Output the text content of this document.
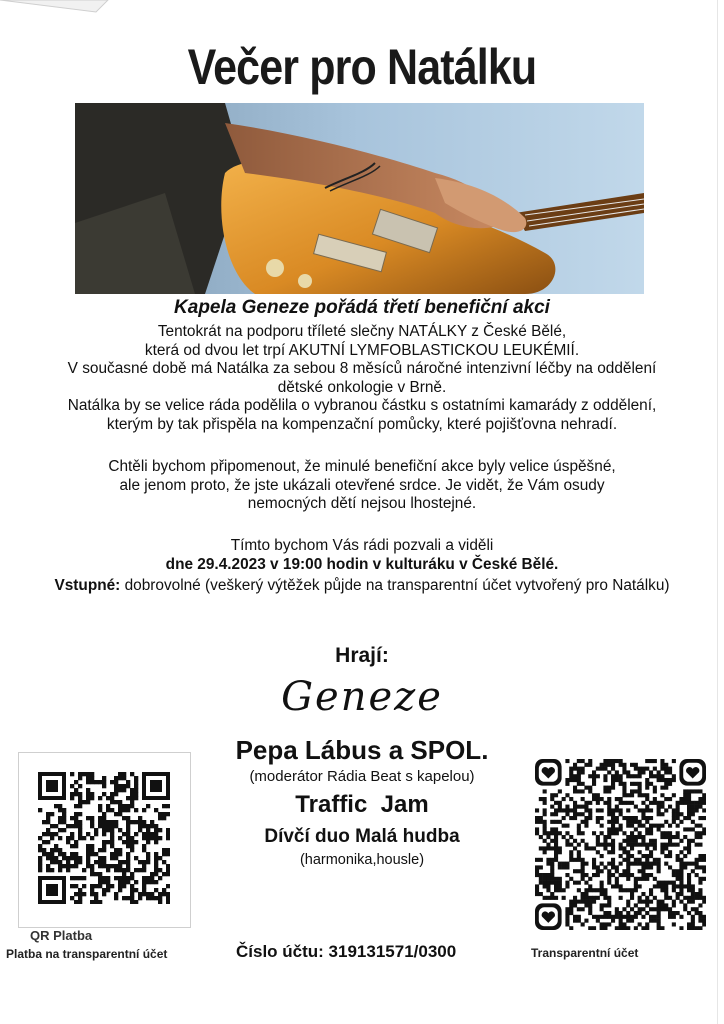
Večer pro Natálku
Kapela Geneze pořádá třetí benefiční akci
Tentokrát na podporu tříleté slečny NATÁLKY z České Bělé,
která od dvou let trpí AKUTNÍ LYMFOBLASTICKOU LEUKÉMIÍ.
V současné době má Natálka za sebou 8 měsíců náročné intenzivní léčby na oddělení
dětské onkologie v Brně.
Natálka by se velice ráda podělila o vybranou částku s ostatními kamarády z oddělení,
kterým by tak přispěla na kompenzační pomůcky, které pojišťovna nehradí.
Chtěli bychom připomenout, že minulé benefiční akce byly velice úspěšné,
ale jenom proto, že jste ukázali otevřené srdce. Je vidět, že Vám osudy
nemocných dětí nejsou lhostejné.
Tímto bychom Vás rádi pozvali a viděli
dne 29.4.2023 v 19:00 hodin v kulturáku v České Bělé.
Vstupné: dobrovolné (veškerý výtěžek půjde na transparentní účet vytvořený pro Natálku)
Hrají:
Geneze
Pepa Lábus a SPOL.
(moderátor Rádia Beat s kapelou)
Traffic  Jam
Dívčí duo Malá hudba
(harmonika,housle)
QR Platba
Platba na transparentní účet	Číslo účtu: 319131571/0300	Transparentní účet
